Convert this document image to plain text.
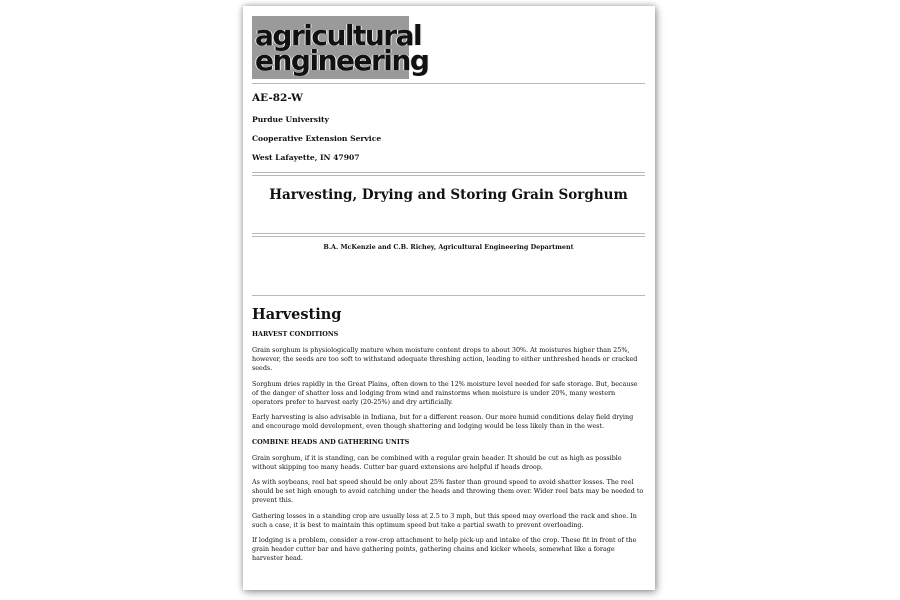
agricultural
engineering

AE-82-W

Purdue University

Cooperative Extension Service

West Lafayette, IN 47907

Harvesting, Drying and Storing Grain Sorghum

B.A. McKenzie and C.B. Richey, Agricultural Engineering Department

Harvesting

HARVEST CONDITIONS

Grain sorghum is physiologically mature when moisture content drops to about 30%. At moistures higher than 25%, however, the seeds are too soft to withstand adequate threshing action, leading to either unthreshed heads or cracked seeds.

Sorghum dries rapidly in the Great Plains, often down to the 12% moisture level needed for safe storage. But, because of the danger of shatter loss and lodging from wind and rainstorms when moisture is under 20%, many western operators prefer to harvest early (20-25%) and dry artificially.

Early harvesting is also advisable in Indiana, but for a different reason. Our more humid conditions delay field drying and encourage mold development, even though shattering and lodging would be less likely than in the west.

COMBINE HEADS AND GATHERING UNITS

Grain sorghum, if it is standing, can be combined with a regular grain header. It should be cut as high as possible without skipping too many heads. Cutter bar guard extensions are helpful if heads droop.

As with soybeans, reel bat speed should be only about 25% faster than ground speed to avoid shatter losses. The reel should be set high enough to avoid catching under the heads and throwing them over. Wider reel bats may be needed to prevent this.

Gathering losses in a standing crop are usually less at 2.5 to 3 mph, but this speed may overload the rack and shoe. In such a case, it is best to maintain this optimum speed but take a partial swath to prevent overloading.

If lodging is a problem, consider a row-crop attachment to help pick-up and intake of the crop. These fit in front of the grain header cutter bar and have gathering points, gathering chains and kicker wheels, somewhat like a forage harvester head.
